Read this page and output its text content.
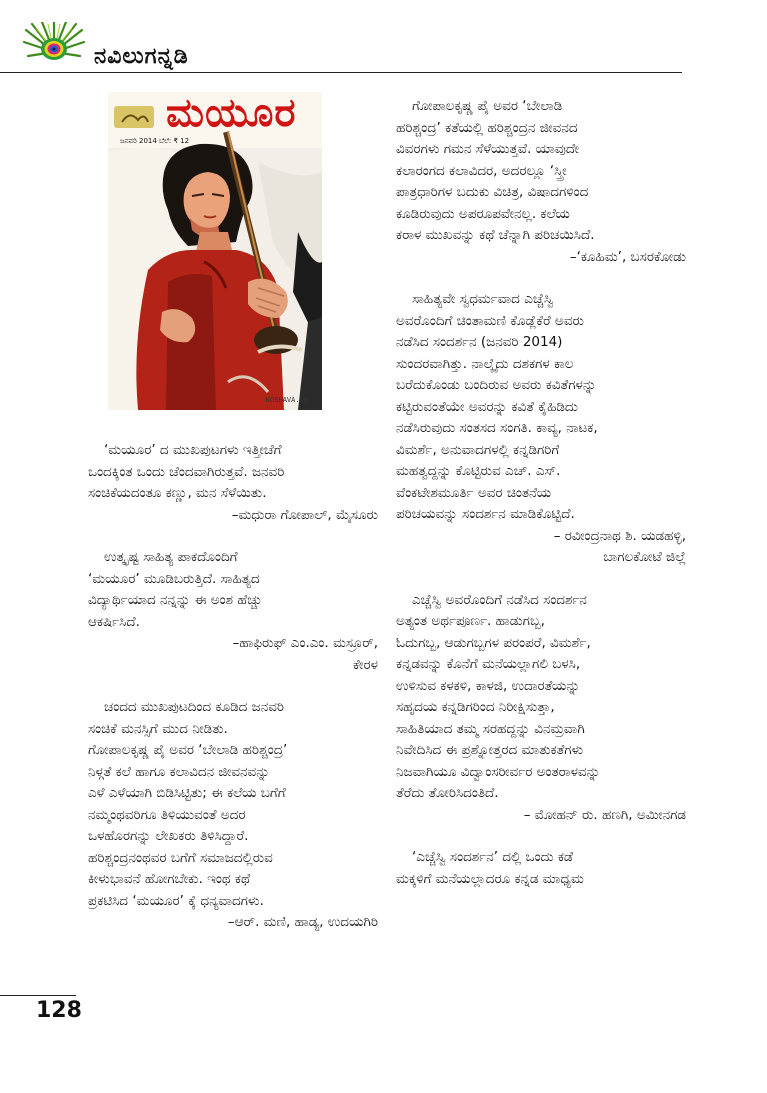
ನವಿಲುಗನ್ನಡಿ
ಮಯೂರ
ಜನವರಿ 2014 ಬೆಲೆ: ₹ 12
KOSHAVA.KM

‘ಮಯೂರ’ ದ ಮುಖಪುಟಗಳು ಇತ್ತೀಚೆಗೆ

ಒಂದಕ್ಕಿಂತ ಒಂದು ಚೆಂದವಾಗಿರುತ್ತವೆ. ಜನವರಿ

ಸಂಚಿಕೆಯದಂತೂ ಕಣ್ಣು, ಮನ ಸೆಳೆಯಿತು.

–ಮಧುರಾ ಗೋಪಾಲ್, ಮೈಸೂರು

ಉತ್ಕೃಷ್ಟ ಸಾಹಿತ್ಯ ಪಾಕದೊಂದಿಗೆ

‘ಮಯೂರ’ ಮೂಡಿಬರುತ್ತಿದೆ. ಸಾಹಿತ್ಯದ

ವಿದ್ಯಾರ್ಥಿಯಾದ ನನ್ನನ್ನು ಈ ಅಂಶ ಹೆಚ್ಚು

ಆಕರ್ಷಿಸಿದೆ.

–ಹಾಫಿರುಫ್ ಎಂ.ಎಂ. ಮಸ್ರೂರ್,

ಕೇರಳ

ಚಂದದ ಮುಖಪುಟದಿಂದ ಕೂಡಿದ ಜನವರಿ

ಸಂಚಿಕೆ ಮನಸ್ಸಿಗೆ ಮುದ ನೀಡಿತು.

ಗೋಪಾಲಕೃಷ್ಣ ಪೈ ಅವರ ‘ಬೇಲಾಡಿ ಹರಿಶ್ಚಂದ್ರ’

ನಿಳ್ಗತೆ ಕಲೆ ಹಾಗೂ ಕಲಾವಿದನ ಜೀವನವನ್ನು

ಎಳೆ ಎಳೆಯಾಗಿ ಬಿಡಿಸಿಟ್ಟಿತು; ಈ ಕಲೆಯ ಬಗೆಗೆ

ನಮ್ಮಂಥವರಿಗೂ ತಿಳಿಯುವಂತೆ ಅದರ

ಒಳಹೊರಗನ್ನು ಲೇಖಕರು ತಿಳಿಸಿದ್ದಾರೆ.

ಹರಿಶ್ಚಂದ್ರನಂಥವರ ಬಗೆಗೆ ಸಮಾಜದಲ್ಲಿರುವ

ಕೀಳುಭಾವನೆ ಹೋಗಬೇಕು. ಇಂಥ ಕಥೆ

ಪ್ರಕಟಿಸಿದ ‘ಮಯೂರ’ ಕ್ಕೆ ಧನ್ಯವಾದಗಳು.

–ಆರ್. ಮಣಿ, ಹಾಡ್ಯ, ಉದಯಗಿರಿ

ಗೋಪಾಲಕೃಷ್ಣ ಪೈ ಅವರ ‘ಬೇಲಾಡಿ

ಹರಿಶ್ಚಂದ್ರ’ ಕತೆಯಲ್ಲಿ ಹರಿಶ್ಚಂದ್ರನ ಜೀವನದ

ವಿವರಗಳು ಗಮನ ಸೆಳೆಯುತ್ತವೆ. ಯಾವುದೇ

ಕಲಾರಂಗದ ಕಲಾವಿದರ, ಅದರಲ್ಲೂ ‘ಸ್ತ್ರೀ

ಪಾತ್ರಧಾರಿಗಳ ಬದುಕು ವಿಚಿತ್ರ, ವಿಷಾದಗಳಿಂದ

ಕೂಡಿರುವುದು ಅಪರೂಪವೇನಲ್ಲ. ಕಲೆಯ

ಕರಾಳ ಮುಖವನ್ನು ಕಥೆ ಚೆನ್ನಾಗಿ ಪರಿಚಯಿಸಿದೆ.

–‘ಕೂಹಿಮ’, ಬಸರಕೋಡು

ಸಾಹಿತ್ಯವೇ ಸ್ವಧರ್ಮವಾದ ಎಚ್ಚೆಸ್ವಿ

ಅವರೊಂದಿಗೆ ಚಿಂತಾಮಣಿ ಕೊಡ್ಲೆಕೆರೆ ಅವರು

ನಡೆಸಿದ ಸಂದರ್ಶನ (ಜನವರಿ 2014)

ಸುಂದರವಾಗಿತ್ತು. ನಾಲ್ಕೈದು ದಶಕಗಳ ಕಾಲ

ಬರೆದುಕೊಂಡು ಬಂದಿರುವ ಅವರು ಕವಿತೆಗಳನ್ನು

ಕಟ್ಟಿರುವಂತೆಯೇ ಅವರನ್ನು ಕವಿತೆ ಕೈಹಿಡಿದು

ನಡೆಸಿರುವುದು ಸಂತಸದ ಸಂಗತಿ. ಕಾವ್ಯ, ನಾಟಕ,

ವಿಮರ್ಶೆ, ಅನುವಾದಗಳಲ್ಲಿ ಕನ್ನಡಿಗರಿಗೆ

ಮಹತ್ವದ್ದನ್ನು ಕೊಟ್ಟಿರುವ ಎಚ್. ಎಸ್.

ವೆಂಕಟೇಶಮೂರ್ತಿ ಅವರ ಚಿಂತನೆಯ

ಪರಿಚಯವನ್ನು ಸಂದರ್ಶನ ಮಾಡಿಕೊಟ್ಟಿದೆ.

– ರವೀಂದ್ರನಾಥ ಶಿ. ಯಡಹಳ್ಳಿ,

ಬಾಗಲಕೋಟೆ ಜಿಲ್ಲೆ

ಎಚ್ಚೆಸ್ವಿ ಅವರೊಂದಿಗೆ ನಡೆಸಿದ ಸಂದರ್ಶನ

ಅತ್ಯಂತ ಅರ್ಥಪೂರ್ಣ. ಹಾಡುಗಬ್ಬ,

ಓದುಗಬ್ಬ, ಆಡುಗಬ್ಬಗಳ ಪರಂಪರೆ, ವಿಮರ್ಶೆ,

ಕನ್ನಡವನ್ನು ಕೊನೆಗೆ ಮನೆಯಲ್ಲಾಗಲಿ ಬಳಸಿ,

ಉಳಿಸುವ ಕಳಕಳಿ, ಕಾಳಜಿ, ಉದಾರತೆಯನ್ನು

ಸಹೃದಯ ಕನ್ನಡಿಗರಿಂದ ನಿರೀಕ್ಷಿಸುತ್ತಾ,

ಸಾಹಿತಿಯಾದ ತಮ್ಮ ಸರಹದ್ದನ್ನು ವಿನಮ್ರವಾಗಿ

ನಿವೇದಿಸಿದ ಈ ಪ್ರಶ್ನೋತ್ತರದ ಮಾತುಕತೆಗಳು

ನಿಜವಾಗಿಯೂ ವಿದ್ವಾಂಸರೀರ್ವರ ಅಂತರಾಳವನ್ನು

ತೆರೆದು ತೋರಿಸಿದಂತಿದೆ.

– ಮೋಹನ್ ರು. ಹಣಗಿ, ಅಮೀನಗಡ

‘ಎಚ್ಚೆಸ್ವಿ ಸಂದರ್ಶನ’ ದಲ್ಲಿ ಒಂದು ಕಡೆ

ಮಕ್ಕಳಿಗೆ ಮನೆಯಲ್ಲಾದರೂ ಕನ್ನಡ ಮಾಧ್ಯಮ

128
